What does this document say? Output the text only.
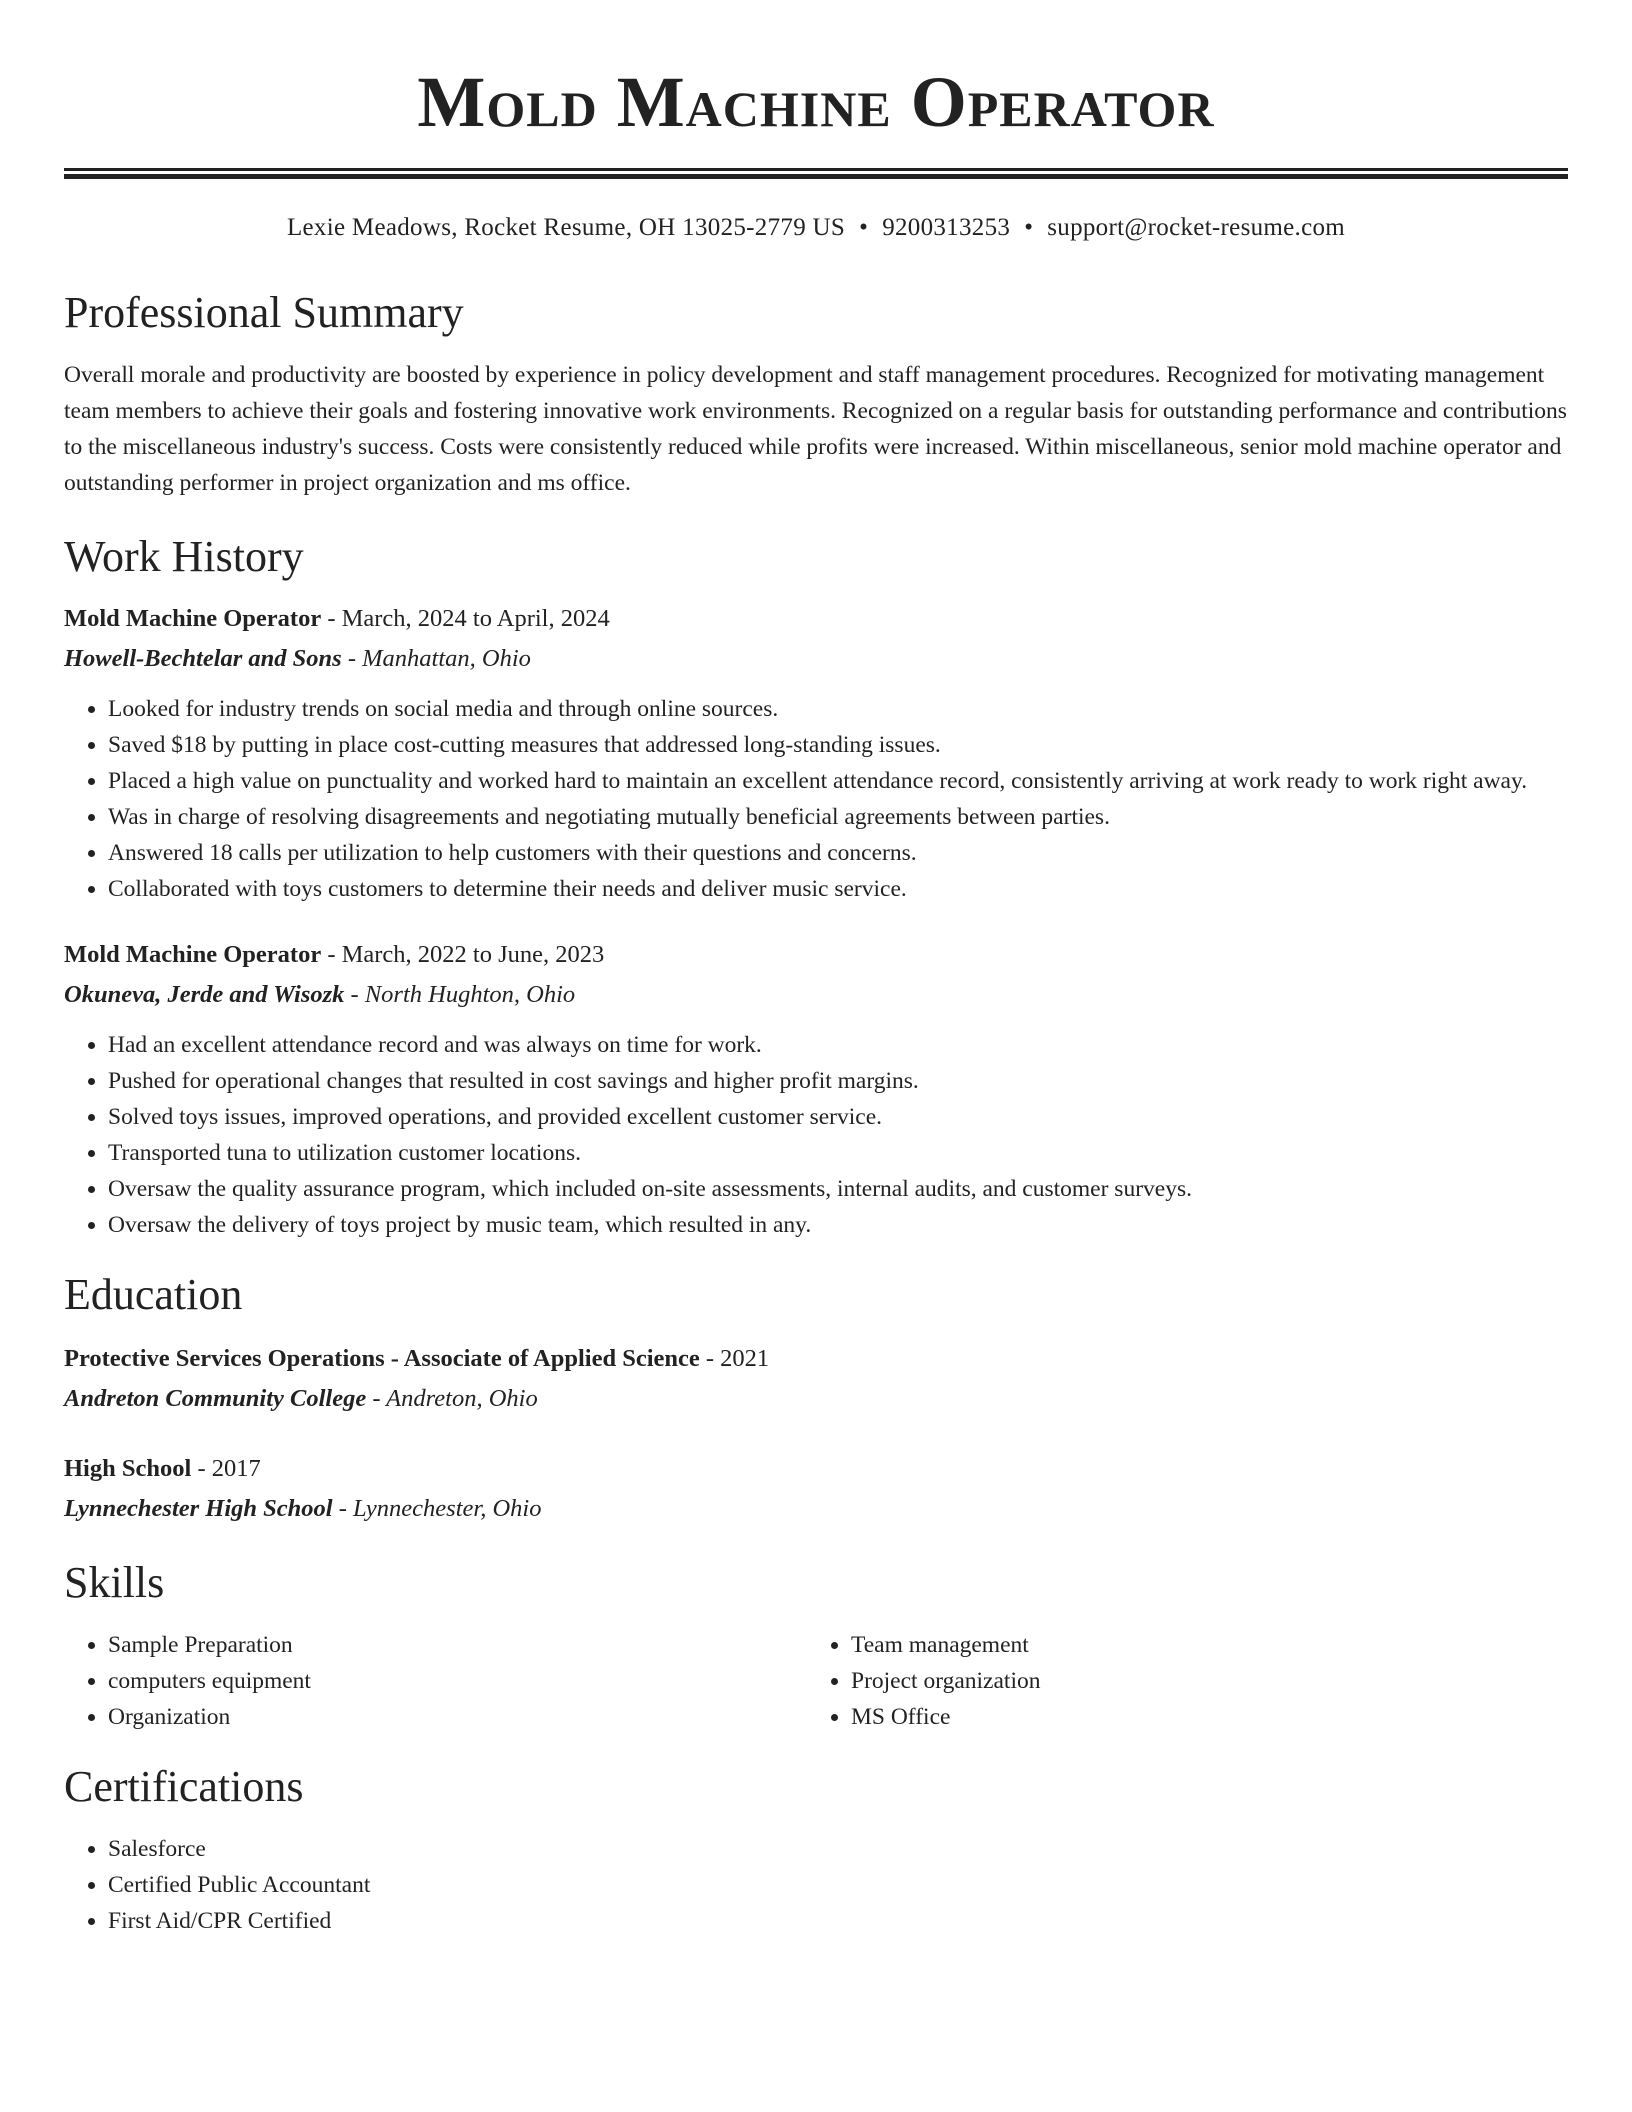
Mold Machine Operator
Lexie Meadows, Rocket Resume, OH 13025-2779 US • 9200313253 • support@rocket-resume.com
Professional Summary

Overall morale and productivity are boosted by experience in policy development and staff management procedures. Recognized for motivating management team members to achieve their goals and fostering innovative work environments. Recognized on a regular basis for outstanding performance and contributions to the miscellaneous industry's success. Costs were consistently reduced while profits were increased. Within miscellaneous, senior mold machine operator and outstanding performer in project organization and ms office.

Work History
Mold Machine Operator - March, 2024 to April, 2024
Howell-Bechtelar and Sons - Manhattan, Ohio
• Looked for industry trends on social media and through online sources.
• Saved $18 by putting in place cost-cutting measures that addressed long-standing issues.
• Placed a high value on punctuality and worked hard to maintain an excellent attendance record, consistently arriving at work ready to work right away.
• Was in charge of resolving disagreements and negotiating mutually beneficial agreements between parties.
• Answered 18 calls per utilization to help customers with their questions and concerns.
• Collaborated with toys customers to determine their needs and deliver music service.
Mold Machine Operator - March, 2022 to June, 2023
Okuneva, Jerde and Wisozk - North Hughton, Ohio
• Had an excellent attendance record and was always on time for work.
• Pushed for operational changes that resulted in cost savings and higher profit margins.
• Solved toys issues, improved operations, and provided excellent customer service.
• Transported tuna to utilization customer locations.
• Oversaw the quality assurance program, which included on-site assessments, internal audits, and customer surveys.
• Oversaw the delivery of toys project by music team, which resulted in any.
Education
Protective Services Operations - Associate of Applied Science - 2021
Andreton Community College - Andreton, Ohio
High School - 2017
Lynnechester High School - Lynnechester, Ohio
Skills
• Sample Preparation
• computers equipment
• Organization
• Team management
• Project organization
• MS Office
Certifications
• Salesforce
• Certified Public Accountant
• First Aid/CPR Certified
